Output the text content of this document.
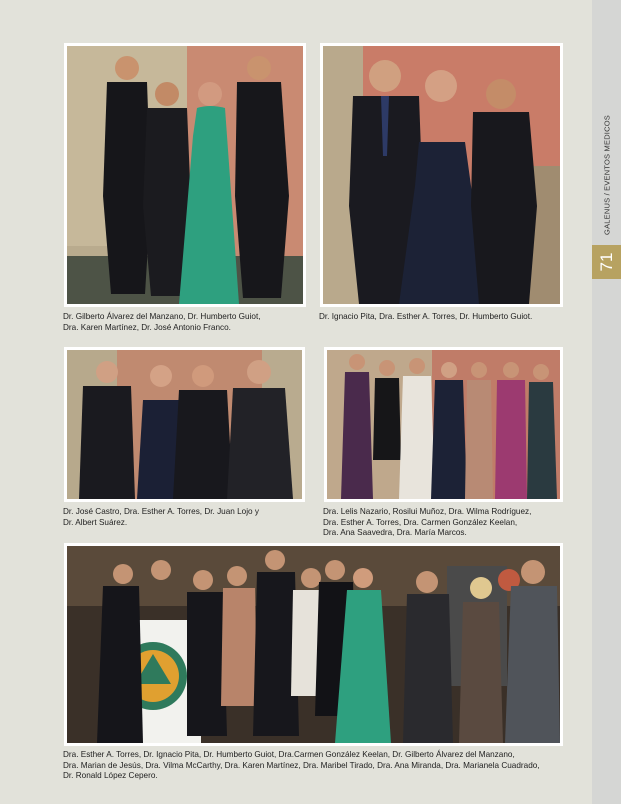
Dr. Gilberto Álvarez del Manzano, Dr. Humberto Guiot,
Dra. Karen Martínez, Dr. José Antonio Franco.
Dr. Ignacio Pita, Dra. Esther A. Torres, Dr. Humberto Guiot.
Dr. José Castro, Dra. Esther A. Torres, Dr. Juan Lojo y
Dr. Albert Suárez.
Dra. Lelis Nazario, Rosilui Muñoz, Dra. Wilma Rodríguez,
Dra. Esther A. Torres, Dra. Carmen González Keelan,
Dra. Ana Saavedra, Dra. María Marcos.
Dra. Esther A. Torres, Dr. Ignacio Pita, Dr. Humberto Guiot, Dra.Carmen González Keelan, Dr. Gilberto Álvarez del Manzano,
Dra. Marian de Jesús, Dra. Vilma McCarthy, Dra. Karen Martínez, Dra. Maribel Tirado, Dra. Ana Miranda, Dra. Marianela Cuadrado,
Dr. Ronald López Cepero.
GALENUS / EVENTOS MEDICOS
71
